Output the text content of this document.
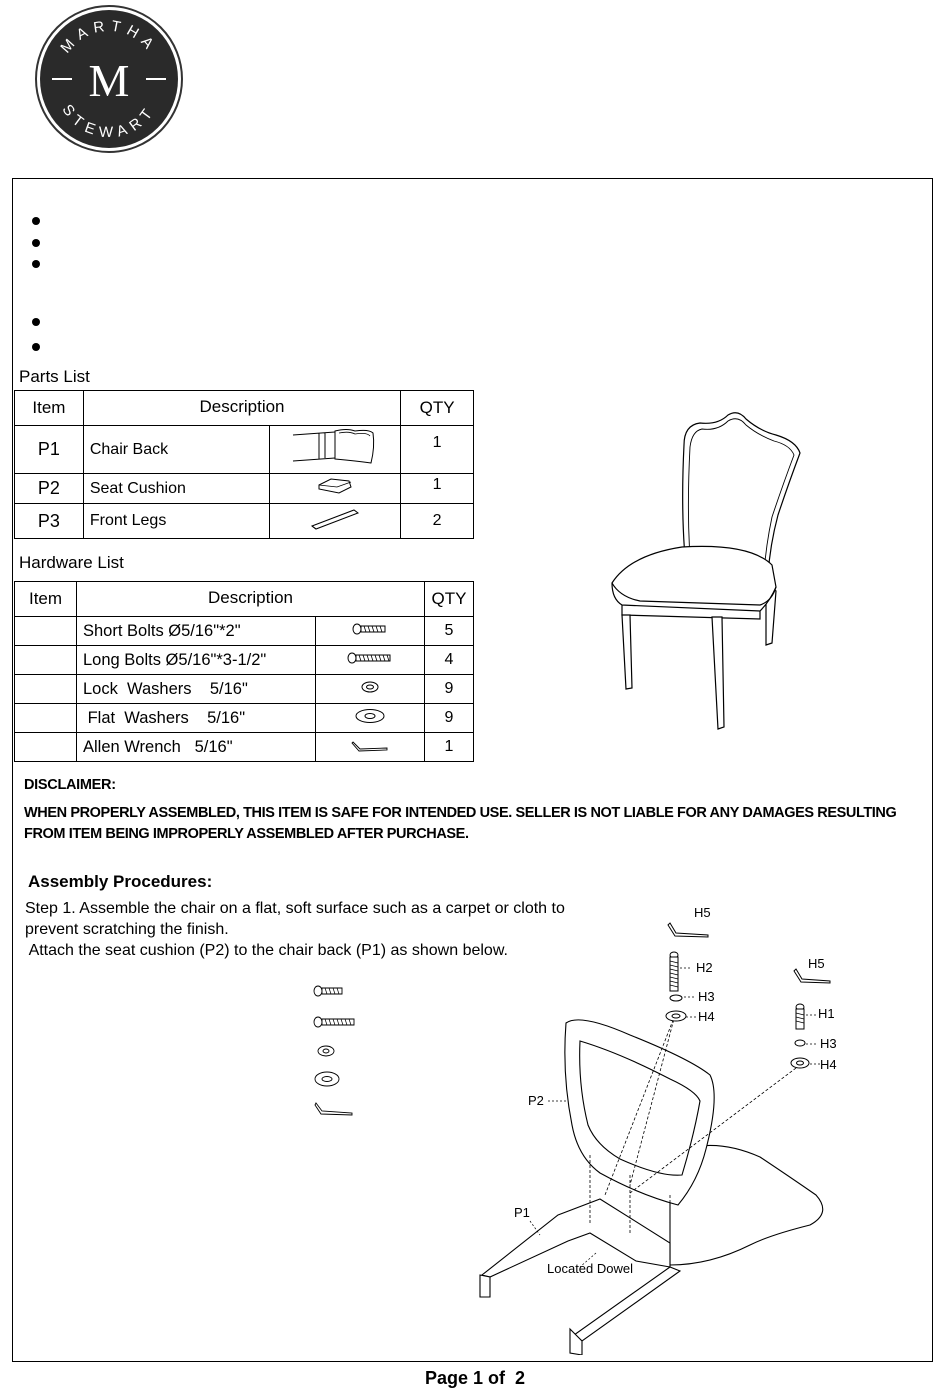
MARTHA
STEWART
M
Parts List
Item	Description		QTY
P1	Chair Back		1
P2	Seat Cushion		1
P3	Front Legs		2
Hardware List
Item	Description		QTY
	Short Bolts Ø5/16"*2"		5
	Long Bolts Ø5/16"*3-1/2"		4
	Lock  Washers    5/16"		9
	Flat  Washers    5/16"		9
	Allen Wrench   5/16"		1
DISCLAIMER:
WHEN PROPERLY ASSEMBLED, THIS ITEM IS SAFE FOR INTENDED USE. SELLER IS NOT LIABLE FOR ANY DAMAGES RESULTING FROM ITEM BEING IMPROPERLY ASSEMBLED AFTER PURCHASE.
Assembly Procedures:
Step 1. Assemble the chair on a flat, soft surface such as a carpet or cloth to
prevent scratching the finish.
Attach the seat cushion (P2) to the chair back (P1) as shown below.
H5
H2
H3
H4
H5
H1
H3
H4
P2
P1
Located Dowel
Page 1 of  2
